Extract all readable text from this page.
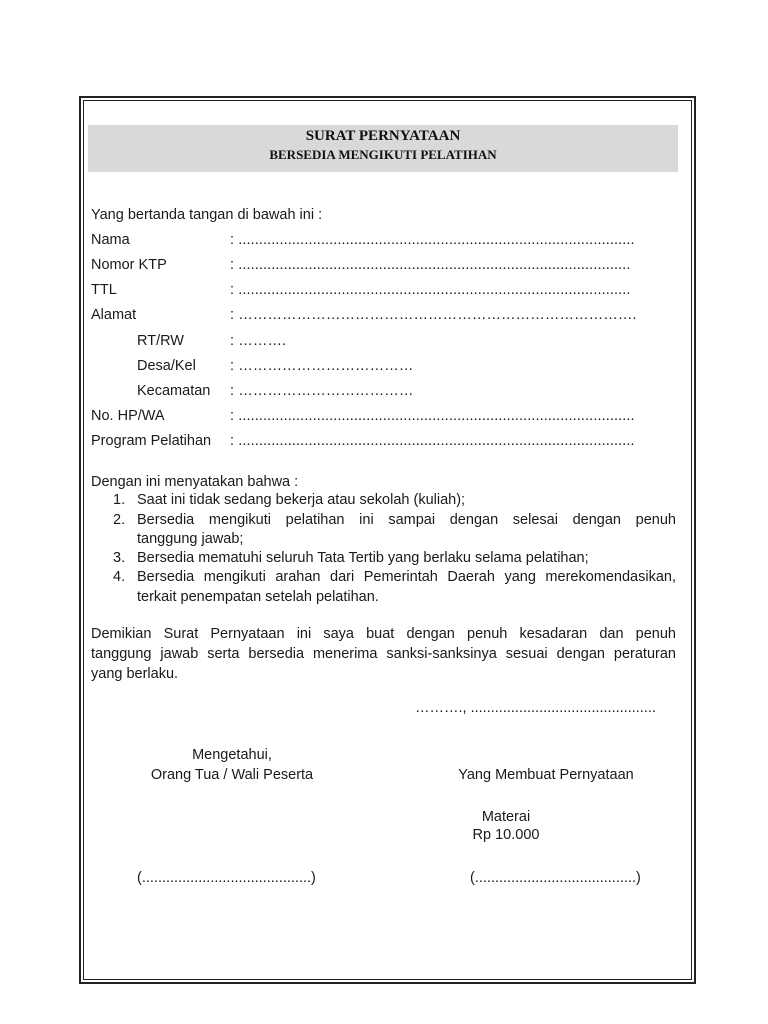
SURAT PERNYATAAN
BERSEDIA MENGIKUTI PELATIHAN
Yang bertanda tangan di bawah ini :
Nama	: ................................................................................................
Nomor KTP	: ...............................................................................................
TTL	: ...............................................................................................
Alamat	: ……………………………………………………………………….
RT/RW	: ……….
Desa/Kel : ………………………………
Kecamatan : ………………………………
No. HP/WA	: ................................................................................................
Program Pelatihan : ................................................................................................
Dengan ini menyatakan bahwa :
1. Saat ini tidak sedang bekerja atau sekolah (kuliah);
2. Bersedia mengikuti pelatihan ini sampai dengan selesai dengan penuh
tanggung jawab;
3. Bersedia mematuhi seluruh Tata Tertib yang berlaku selama pelatihan;
4. Bersedia mengikuti arahan dari Pemerintah Daerah yang merekomendasikan,
terkait penempatan setelah pelatihan.
Demikian Surat Pernyataan ini saya buat dengan penuh kesadaran dan penuh
tanggung jawab serta bersedia menerima sanksi-sanksinya sesuai dengan peraturan
yang berlaku.
………., ..............................................
Mengetahui,
Orang Tua / Wali Peserta	Yang Membuat Pernyataan
Materai
Rp 10.000
(..........................................)	(........................................)
